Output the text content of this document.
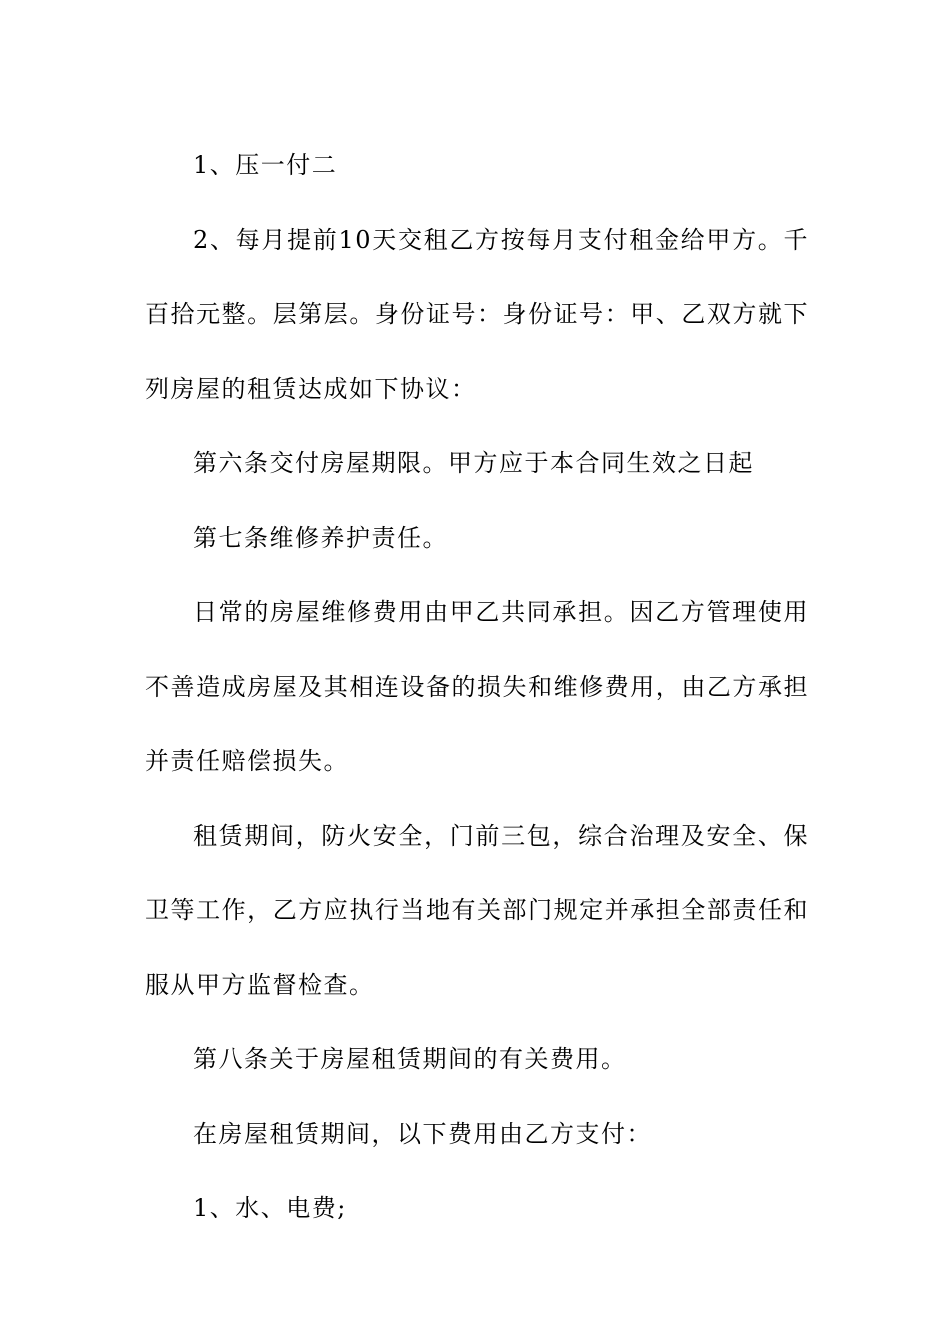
1、压一付二

2、每月提前10天交租乙方按每月支付租金给甲方。千百拾元整。层第层。身份证号：身份证号：甲、乙双方就下列房屋的租赁达成如下协议：

第六条交付房屋期限。甲方应于本合同生效之日起

第七条维修养护责任。

日常的房屋维修费用由甲乙共同承担。因乙方管理使用不善造成房屋及其相连设备的损失和维修费用，由乙方承担并责任赔偿损失。

租赁期间，防火安全，门前三包，综合治理及安全、保卫等工作，乙方应执行当地有关部门规定并承担全部责任和服从甲方监督检查。

第八条关于房屋租赁期间的有关费用。

在房屋租赁期间，以下费用由乙方支付：

1、水、电费;
